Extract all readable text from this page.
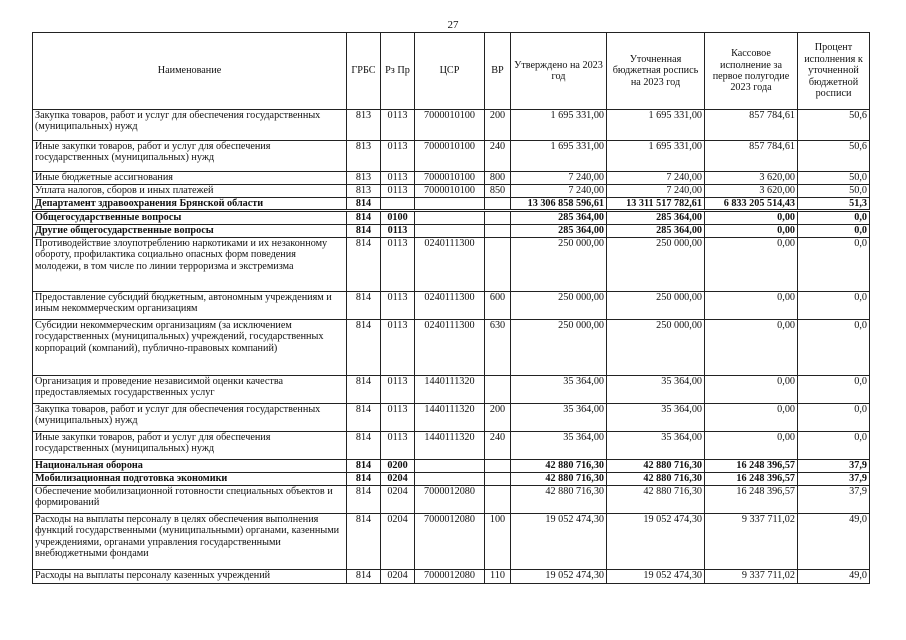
27
Наименование	ГРБС	Рз Пр	ЦСР	ВР	Утверждено на 2023 год	Уточненная бюджетная роспись на 2023 год	Кассовое исполнение за первое полугодие 2023 года	Процент исполнения к уточненной бюджетной росписи
Закупка товаров, работ и услуг для обеспечения государственных (муниципальных) нужд	813	0113	7000010100	200	1 695 331,00	1 695 331,00	857 784,61	50,6
Иные закупки товаров, работ и услуг для обеспечения государственных (муниципальных) нужд	813	0113	7000010100	240	1 695 331,00	1 695 331,00	857 784,61	50,6
Иные бюджетные ассигнования	813	0113	7000010100	800	7 240,00	7 240,00	3 620,00	50,0
Уплата налогов, сборов и иных платежей	813	0113	7000010100	850	7 240,00	7 240,00	3 620,00	50,0
Департамент здравоохранения Брянской области	814				13 306 858 596,61	13 311 517 782,61	6 833 205 514,43	51,3
Общегосударственные вопросы	814	0100			285 364,00	285 364,00	0,00	0,0
Другие общегосударственные вопросы	814	0113			285 364,00	285 364,00	0,00	0,0
Противодействие злоупотреблению наркотиками и их незаконному обороту, профилактика социально опасных форм поведения молодежи, в том числе по линии терроризма и экстремизма	814	0113	0240111300		250 000,00	250 000,00	0,00	0,0
Предоставление субсидий бюджетным, автономным учреждениям и иным некоммерческим организациям	814	0113	0240111300	600	250 000,00	250 000,00	0,00	0,0
Субсидии некоммерческим организациям (за исключением государственных (муниципальных) учреждений, государственных корпораций (компаний), публично-правовых компаний)	814	0113	0240111300	630	250 000,00	250 000,00	0,00	0,0
Организация и проведение независимой оценки качества предоставляемых государственных услуг	814	0113	1440111320		35 364,00	35 364,00	0,00	0,0
Закупка товаров, работ и услуг для обеспечения государственных (муниципальных) нужд	814	0113	1440111320	200	35 364,00	35 364,00	0,00	0,0
Иные закупки товаров, работ и услуг для обеспечения государственных (муниципальных) нужд	814	0113	1440111320	240	35 364,00	35 364,00	0,00	0,0
Национальная оборона	814	0200			42 880 716,30	42 880 716,30	16 248 396,57	37,9
Мобилизационная подготовка экономики	814	0204			42 880 716,30	42 880 716,30	16 248 396,57	37,9
Обеспечение мобилизационной готовности специальных объектов и формирований	814	0204	7000012080		42 880 716,30	42 880 716,30	16 248 396,57	37,9
Расходы на выплаты персоналу в целях обеспечения выполнения функций государственными (муниципальными) органами, казенными учреждениями, органами управления государственными внебюджетными фондами	814	0204	7000012080	100	19 052 474,30	19 052 474,30	9 337 711,02	49,0
Расходы на выплаты персоналу казенных учреждений	814	0204	7000012080	110	19 052 474,30	19 052 474,30	9 337 711,02	49,0
